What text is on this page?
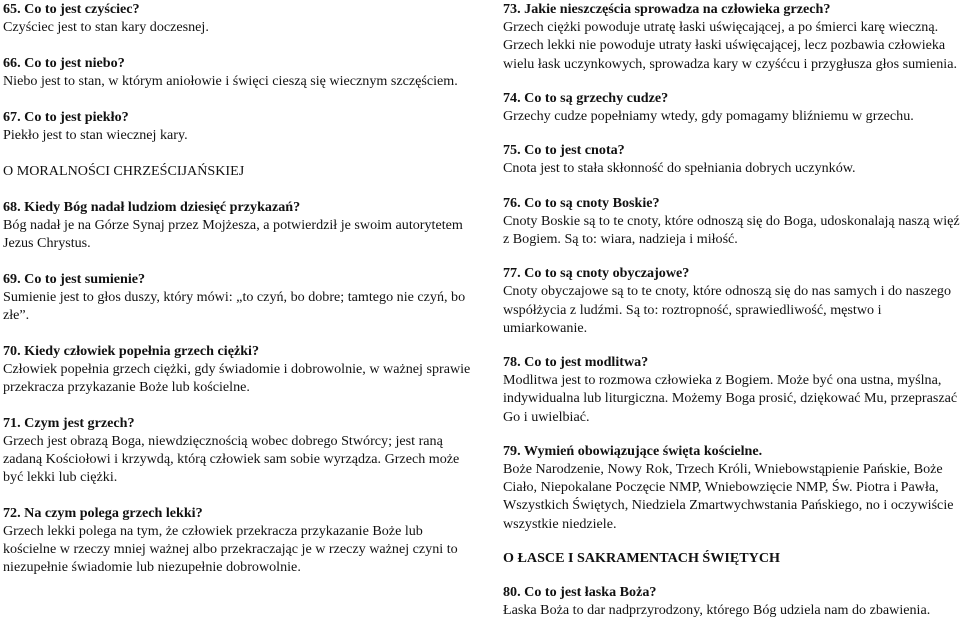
65. Co to jest czyściec?
Czyściec jest to stan kary doczesnej.
66. Co to jest niebo?
Niebo jest to stan, w którym aniołowie i święci cieszą się wiecznym szczęściem.
67. Co to jest piekło?
Piekło jest to stan wiecznej kary.
O MORALNOŚCI CHRZEŚCIJAŃSKIEJ
68. Kiedy Bóg nadał ludziom dziesięć przykazań?
Bóg nadał je na Górze Synaj przez Mojżesza, a potwierdził je swoim autorytetem Jezus Chrystus.
69. Co to jest sumienie?
Sumienie jest to głos duszy, który mówi: „to czyń, bo dobre; tamtego nie czyń, bo złe”.
70. Kiedy człowiek popełnia grzech ciężki?
Człowiek popełnia grzech ciężki, gdy świadomie i dobrowolnie, w ważnej sprawie przekracza przykazanie Boże lub kościelne.
71. Czym jest grzech?
Grzech jest obrazą Boga, niewdzięcznością wobec dobrego Stwórcy; jest raną zadaną Kościołowi i krzywdą, którą człowiek sam sobie wyrządza. Grzech może być lekki lub ciężki.
72. Na czym polega grzech lekki?
Grzech lekki polega na tym, że człowiek przekracza przykazanie Boże lub kościelne w rzeczy mniej ważnej albo przekraczając je w rzeczy ważnej czyni to niezupełnie świadomie lub niezupełnie dobrowolnie.
73. Jakie nieszczęścia sprowadza na człowieka grzech?
Grzech ciężki powoduje utratę łaski uświęcającej, a po śmierci karę wieczną. Grzech lekki nie powoduje utraty łaski uświęcającej, lecz pozbawia człowieka wielu łask uczynkowych, sprowadza kary w czyśćcu i przygłusza głos sumienia.
74. Co to są grzechy cudze?
Grzechy cudze popełniamy wtedy, gdy pomagamy bliźniemu w grzechu.
75. Co to jest cnota?
Cnota jest to stała skłonność do spełniania dobrych uczynków.
76. Co to są cnoty Boskie?
Cnoty Boskie są to te cnoty, które odnoszą się do Boga, udoskonalają naszą więź z Bogiem. Są to: wiara, nadzieja i miłość.
77. Co to są cnoty obyczajowe?
Cnoty obyczajowe są to te cnoty, które odnoszą się do nas samych i do naszego współżycia z ludźmi. Są to: roztropność, sprawiedliwość, męstwo i umiarkowanie.
78. Co to jest modlitwa?
Modlitwa jest to rozmowa człowieka z Bogiem. Może być ona ustna, myślna, indywidualna lub liturgiczna. Możemy Boga prosić, dziękować Mu, przepraszać Go i uwielbiać.
79. Wymień obowiązujące święta kościelne.
Boże Narodzenie, Nowy Rok, Trzech Króli, Wniebowstąpienie Pańskie, Boże Ciało, Niepokalane Poczęcie NMP, Wniebowzięcie NMP, Św. Piotra i Pawła, Wszystkich Świętych, Niedziela Zmartwychwstania Pańskiego, no i oczywiście wszystkie niedziele.
O ŁASCE I SAKRAMENTACH ŚWIĘTYCH
80. Co to jest łaska Boża?
Łaska Boża to dar nadprzyrodzony, którego Bóg udziela nam do zbawienia.
